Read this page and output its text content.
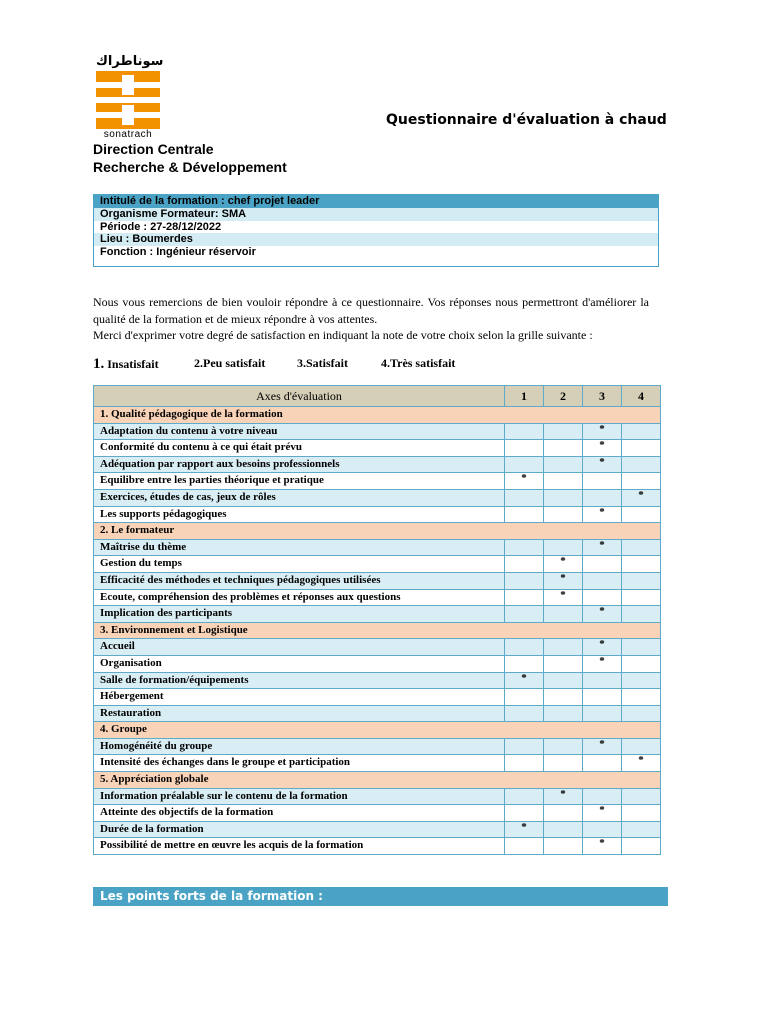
سوناطراك
sonatrach
Questionnaire d'évaluation à chaud
Direction Centrale
Recherche & Développement
Intitulé de la formation : chef projet leader
Organisme Formateur: SMA
Période : 27-28/12/2022
Lieu : Boumerdes
Fonction : Ingénieur réservoir

Nous vous remercions de bien vouloir répondre à ce questionnaire. Vos réponses nous permettront d'améliorer la qualité de la formation et de mieux répondre à vos attentes.

Merci d'exprimer votre degré de satisfaction en indiquant la note de votre choix selon la grille suivante :

1. Insatisfait	2.Peu satisfait	3.Satisfait	4.Très satisfait
Axes d'évaluation	1	2	3	4
1. Qualité pédagogique de la formation				
Adaptation du contenu à votre niveau			*	
Conformité du contenu à ce qui était prévu			*	
Adéquation par rapport aux besoins professionnels			*	
Equilibre entre les parties théorique et pratique	*			
Exercices, études de cas, jeux de rôles				*
Les supports pédagogiques			*	
2. Le formateur				
Maîtrise du thème			*	
Gestion du temps		*		
Efficacité des méthodes et techniques pédagogiques utilisées		*		
Ecoute, compréhension des problèmes et réponses aux questions		*		
Implication des participants			*	
3. Environnement et Logistique				
Accueil			*	
Organisation			*	
Salle de formation/équipements	*			
Hébergement				
Restauration				
4. Groupe				
Homogénéité du groupe			*	
Intensité des échanges dans le groupe et participation				*
5. Appréciation globale				
Information préalable sur le contenu de la formation		*		
Atteinte des objectifs de la formation			*	
Durée de la formation	*			
Possibilité de mettre en œuvre les acquis de la formation			*	
Les points forts de la formation :
